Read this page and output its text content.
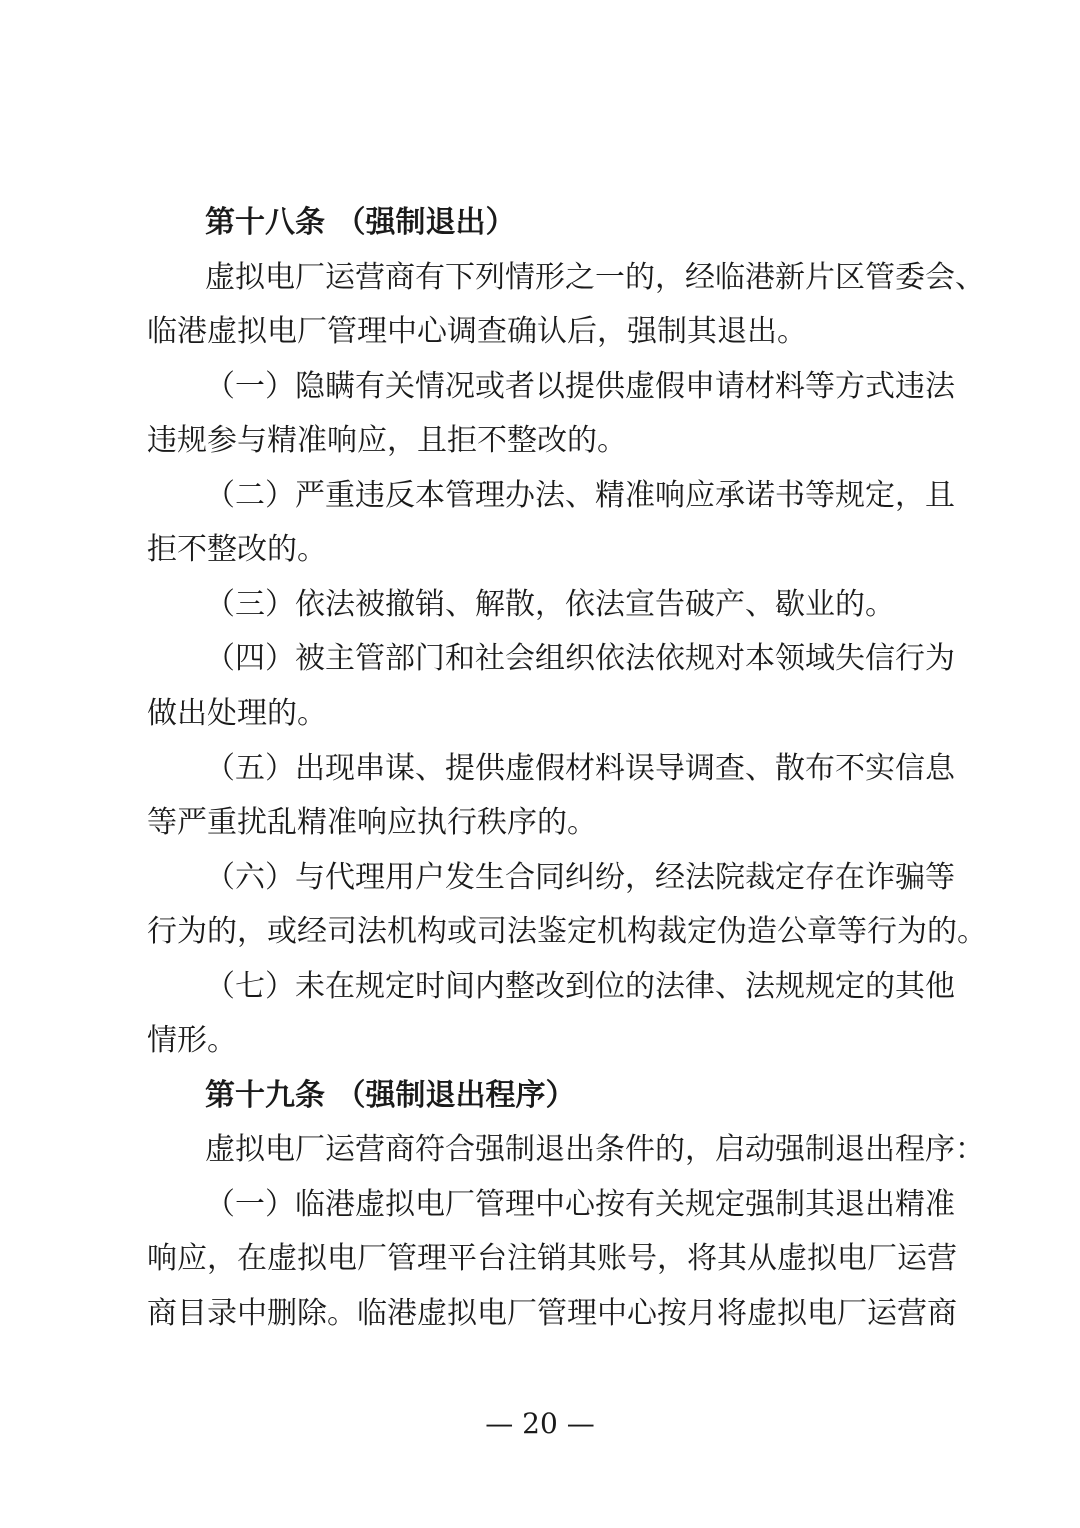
第十八条 （强制退出）
虚拟电厂运营商有下列情形之一的，经临港新片区管委会、
临港虚拟电厂管理中心调查确认后，强制其退出。
（一）隐瞒有关情况或者以提供虚假申请材料等方式违法
违规参与精准响应，且拒不整改的。
（二）严重违反本管理办法、精准响应承诺书等规定，且
拒不整改的。
（三）依法被撤销、解散，依法宣告破产、歇业的。
（四）被主管部门和社会组织依法依规对本领域失信行为
做出处理的。
（五）出现串谋、提供虚假材料误导调查、散布不实信息
等严重扰乱精准响应执行秩序的。
（六）与代理用户发生合同纠纷，经法院裁定存在诈骗等
行为的，或经司法机构或司法鉴定机构裁定伪造公章等行为的。
（七）未在规定时间内整改到位的法律、法规规定的其他
情形。
第十九条 （强制退出程序）
虚拟电厂运营商符合强制退出条件的，启动强制退出程序：
（一）临港虚拟电厂管理中心按有关规定强制其退出精准
响应，在虚拟电厂管理平台注销其账号，将其从虚拟电厂运营
商目录中删除。临港虚拟电厂管理中心按月将虚拟电厂运营商
— 20 —
